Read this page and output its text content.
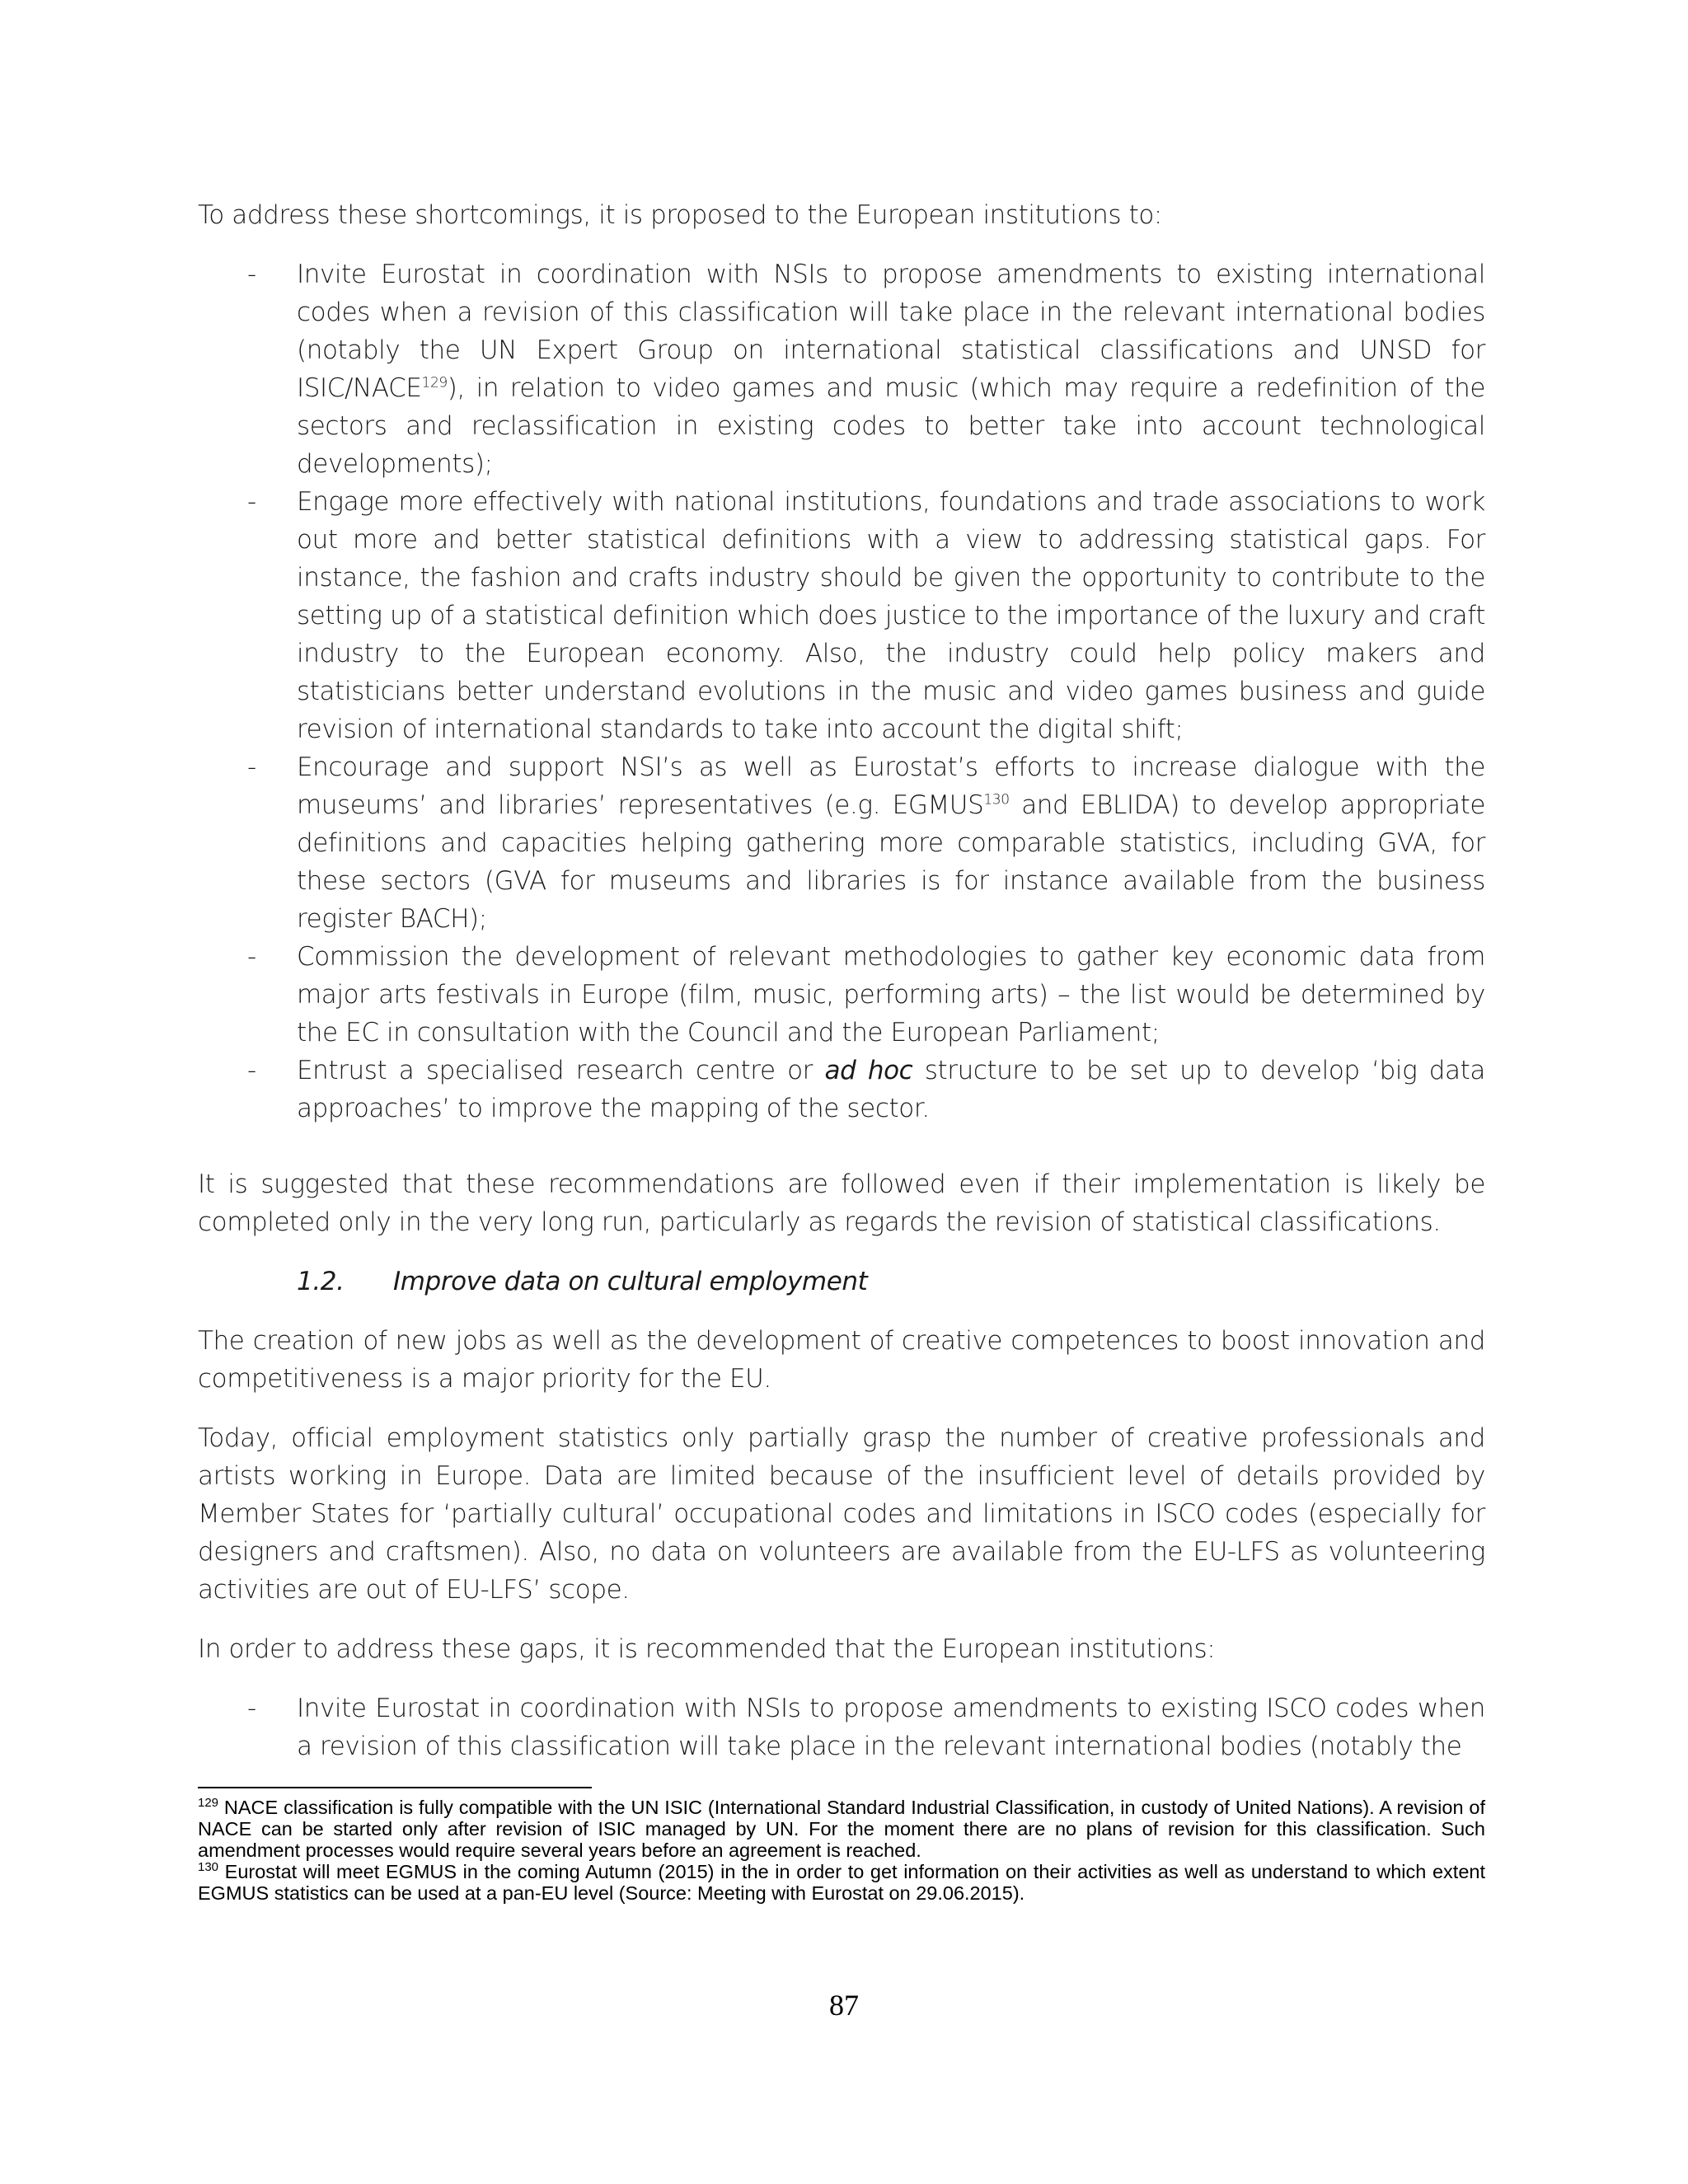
To address these shortcomings, it is proposed to the European institutions to:

- Invite Eurostat in coordination with NSIs to propose amendments to existing international codes when a revision of this classification will take place in the relevant international bodies (notably the UN Expert Group on international statistical classifications and UNSD for ISIC/NACE$^{129}$), in relation to video games and music (which may require a redefinition of the sectors and reclassification in existing codes to better take into account technological developments);
- Engage more effectively with national institutions, foundations and trade associations to work out more and better statistical definitions with a view to addressing statistical gaps. For instance, the fashion and crafts industry should be given the opportunity to contribute to the setting up of a statistical definition which does justice to the importance of the luxury and craft industry to the European economy. Also, the industry could help policy makers and statisticians better understand evolutions in the music and video games business and guide revision of international standards to take into account the digital shift;
- Encourage and support NSI’s as well as Eurostat’s efforts to increase dialogue with the museums’ and libraries’ representatives (e.g. EGMUS$^{130}$ and EBLIDA) to develop appropriate definitions and capacities helping gathering more comparable statistics, including GVA, for these sectors (GVA for museums and libraries is for instance available from the business register BACH);
- Commission the development of relevant methodologies to gather key economic data from major arts festivals in Europe (film, music, performing arts) – the list would be determined by the EC in consultation with the Council and the European Parliament;
- Entrust a specialised research centre or ad hoc structure to be set up to develop ‘big data approaches’ to improve the mapping of the sector.

It is suggested that these recommendations are followed even if their implementation is likely be completed only in the very long run, particularly as regards the revision of statistical classifications.

1.2. Improve data on cultural employment

The creation of new jobs as well as the development of creative competences to boost innovation and competitiveness is a major priority for the EU.

Today, official employment statistics only partially grasp the number of creative professionals and artists working in Europe. Data are limited because of the insufficient level of details provided by Member States for ‘partially cultural’ occupational codes and limitations in ISCO codes (especially for designers and craftsmen). Also, no data on volunteers are available from the EU-LFS as volunteering activities are out of EU-LFS’ scope.

In order to address these gaps, it is recommended that the European institutions:

- Invite Eurostat in coordination with NSIs to propose amendments to existing ISCO codes when a revision of this classification will take place in the relevant international bodies (notably the

$^{129}$ NACE classification is fully compatible with the UN ISIC (International Standard Industrial Classification, in custody of United Nations). A revision of NACE can be started only after revision of ISIC managed by UN. For the moment there are no plans of revision for this classification. Such amendment processes would require several years before an agreement is reached.

$^{130}$ Eurostat will meet EGMUS in the coming Autumn (2015) in the in order to get information on their activities as well as understand to which extent EGMUS statistics can be used at a pan-EU level (Source: Meeting with Eurostat on 29.06.2015).

87
